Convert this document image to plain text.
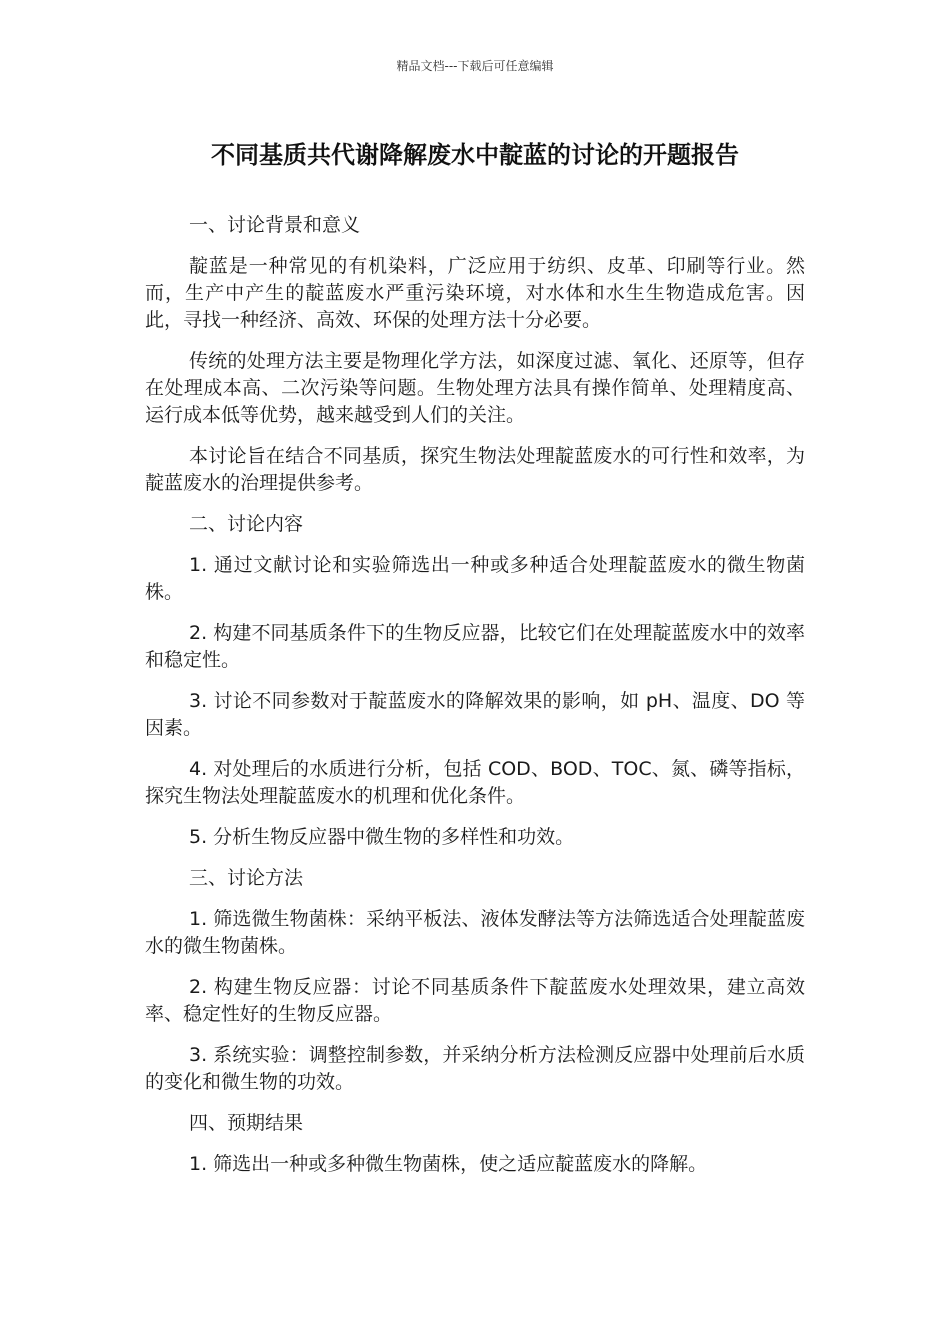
精品文档---下载后可任意编辑
不同基质共代谢降解废水中靛蓝的讨论的开题报告

一、讨论背景和意义

靛蓝是一种常见的有机染料，广泛应用于纺织、皮革、印刷等行业。然而，生产中产生的靛蓝废水严重污染环境，对水体和水生生物造成危害。因此，寻找一种经济、高效、环保的处理方法十分必要。

传统的处理方法主要是物理化学方法，如深度过滤、氧化、还原等，但存在处理成本高、二次污染等问题。生物处理方法具有操作简单、处理精度高、运行成本低等优势，越来越受到人们的关注。

本讨论旨在结合不同基质，探究生物法处理靛蓝废水的可行性和效率，为靛蓝废水的治理提供参考。

二、讨论内容

1. 通过文献讨论和实验筛选出一种或多种适合处理靛蓝废水的微生物菌株。

2. 构建不同基质条件下的生物反应器，比较它们在处理靛蓝废水中的效率和稳定性。

3. 讨论不同参数对于靛蓝废水的降解效果的影响，如 pH、温度、DO 等因素。

4. 对处理后的水质进行分析，包括 COD、BOD、TOC、氮、磷等指标，探究生物法处理靛蓝废水的机理和优化条件。

5. 分析生物反应器中微生物的多样性和功效。

三、讨论方法

1. 筛选微生物菌株：采纳平板法、液体发酵法等方法筛选适合处理靛蓝废水的微生物菌株。

2. 构建生物反应器：讨论不同基质条件下靛蓝废水处理效果，建立高效率、稳定性好的生物反应器。

3. 系统实验：调整控制参数，并采纳分析方法检测反应器中处理前后水质的变化和微生物的功效。

四、预期结果

1. 筛选出一种或多种微生物菌株，使之适应靛蓝废水的降解。
